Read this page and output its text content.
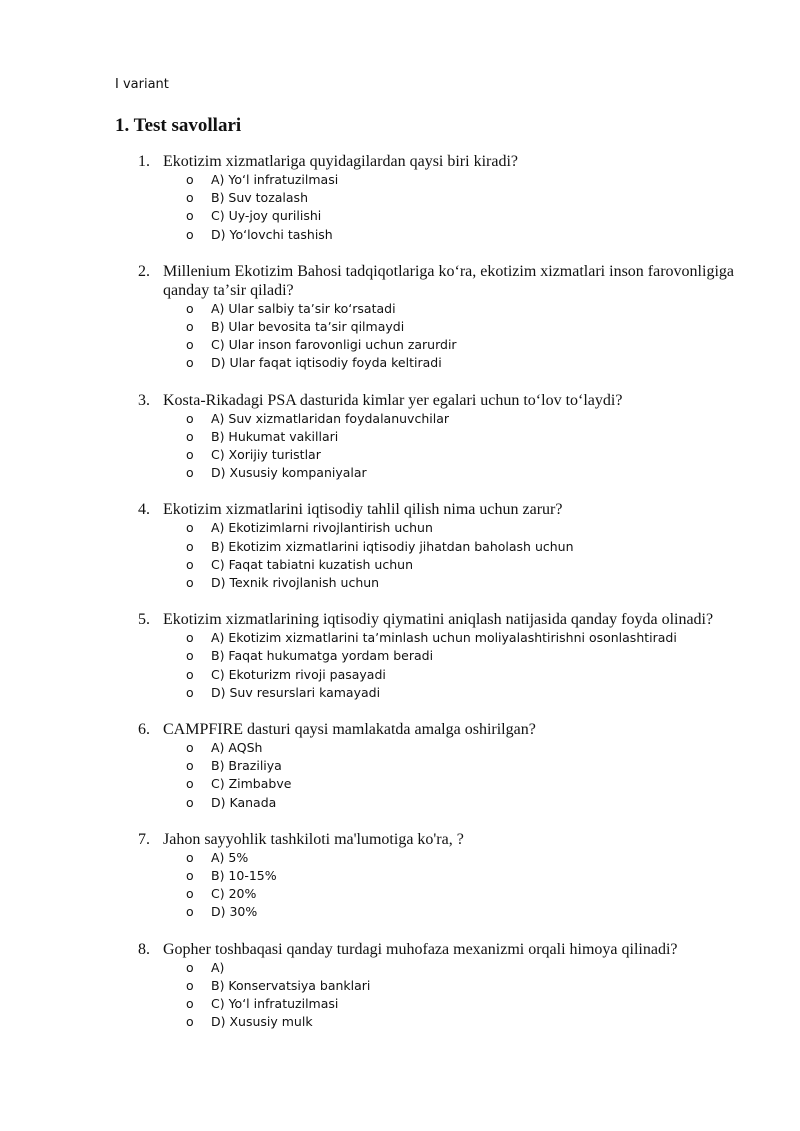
I variant
1. Test savollari
1. Ekotizim xizmatlariga quyidagilardan qaysi biri kiradi?
o A) Yo‘l infratuzilmasi
o B) Suv tozalash
o C) Uy-joy qurilishi
o D) Yo‘lovchi tashish
2. Millenium Ekotizim Bahosi tadqiqotlariga ko‘ra, ekotizim xizmatlari inson farovonligiga qanday taʼsir qiladi?
o A) Ular salbiy taʼsir ko‘rsatadi
o B) Ular bevosita taʼsir qilmaydi
o C) Ular inson farovonligi uchun zarurdir
o D) Ular faqat iqtisodiy foyda keltiradi
3. Kosta-Rikadagi PSA dasturida kimlar yer egalari uchun to‘lov to‘laydi?
o A) Suv xizmatlaridan foydalanuvchilar
o B) Hukumat vakillari
o C) Xorijiy turistlar
o D) Xususiy kompaniyalar
4. Ekotizim xizmatlarini iqtisodiy tahlil qilish nima uchun zarur?
o A) Ekotizimlarni rivojlantirish uchun
o B) Ekotizim xizmatlarini iqtisodiy jihatdan baholash uchun
o C) Faqat tabiatni kuzatish uchun
o D) Texnik rivojlanish uchun
5. Ekotizim xizmatlarining iqtisodiy qiymatini aniqlash natijasida qanday foyda olinadi?
o A) Ekotizim xizmatlarini taʼminlash uchun moliyalashtirishni osonlashtiradi
o B) Faqat hukumatga yordam beradi
o C) Ekoturizm rivoji pasayadi
o D) Suv resurslari kamayadi
6. CAMPFIRE dasturi qaysi mamlakatda amalga oshirilgan?
o A) AQSh
o B) Braziliya
o C) Zimbabve
o D) Kanada
7. Jahon sayyohlik tashkiloti ma'lumotiga ko'ra, ?
o A) 5%
o B) 10-15%
o C) 20%
o D) 30%
8. Gopher toshbaqasi qanday turdagi muhofaza mexanizmi orqali himoya qilinadi?
o A)
o B) Konservatsiya banklari
o C) Yo‘l infratuzilmasi
o D) Xususiy mulk
